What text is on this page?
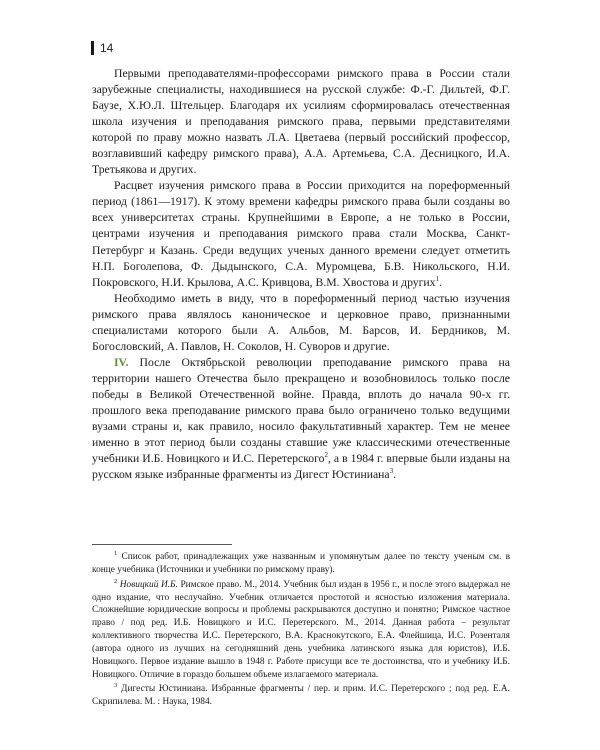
14

Первыми преподавателями-профессорами римского права в России стали зарубежные специалисты, находившиеся на русской службе: Ф.-Г. Дильтей, Ф.Г. Баузе, Х.Ю.Л. Штельцер. Благодаря их усилиям сформировалась отечественная школа изучения и преподавания римского права, первыми представителями которой по праву можно назвать Л.А. Цветаева (первый российский профессор, возглавивший кафедру римского права), А.А. Артемьева, С.А. Десницкого, И.А. Третьякова и других.

Расцвет изучения римского права в России приходится на пореформенный период (1861—1917). К этому времени кафедры римского права были созданы во всех университетах страны. Крупнейшими в Европе, а не только в России, центрами изучения и преподавания римского права стали Москва, Санкт-Петербург и Казань. Среди ведущих ученых данного времени следует отметить Н.П. Боголепова, Ф. Дыдынского, С.А. Муромцева, Б.В. Никольского, Н.И. Покровского, Н.И. Крылова, А.С. Кривцова, В.М. Хвостова и других$^1$.

Необходимо иметь в виду, что в пореформенный период частью изучения римского права являлось каноническое и церковное право, признанными специалистами которого были А. Альбов, М. Барсов, И. Бердников, М. Богословский, А. Павлов, Н. Соколов, Н. Суворов и другие.

IV. После Октябрьской революции преподавание римского права на территории нашего Отечества было прекращено и возобновилось только после победы в Великой Отечественной войне. Правда, вплоть до начала 90-х гг. прошлого века преподавание римского права было ограничено только ведущими вузами страны и, как правило, носило факультативный характер. Тем не менее именно в этот период были созданы ставшие уже классическими отечественные учебники И.Б. Новицкого и И.С. Перетерского$^2$, а в 1984 г. впервые были изданы на русском языке избранные фрагменты из Дигест Юстиниана$^3$.

$^1$ Список работ, принадлежащих уже названным и упомянутым далее по тексту ученым см. в конце учебника (Источники и учебники по римскому праву).

$^2$ Новицкий И.Б. Римское право. М., 2014. Учебник был издан в 1956 г., и после этого выдержал не одно издание, что неслучайно. Учебник отличается простотой и ясностью изложения материала. Сложнейшие юридические вопросы и проблемы раскрываются доступно и понятно; Римское частное право / под ред. И.Б. Новицкого и И.С. Перетерского. М., 2014. Данная работа – результат коллективного творчества И.С. Перетерского, В.А. Краснокутского, Е.А. Флейшица, И.С. Розенталя (автора одного из лучших на сегодняшний день учебника латинского языка для юристов), И.Б. Новицкого. Первое издание вышло в 1948 г. Работе присущи все те достоинства, что и учебнику И.Б. Новицкого. Отличие в гораздо большем объеме излагаемого материала.

$^3$ Дигесты Юстиниана. Избранные фрагменты / пер. и прим. И.С. Перетерского ; под ред. Е.А. Скрипилева. М. : Наука, 1984.
